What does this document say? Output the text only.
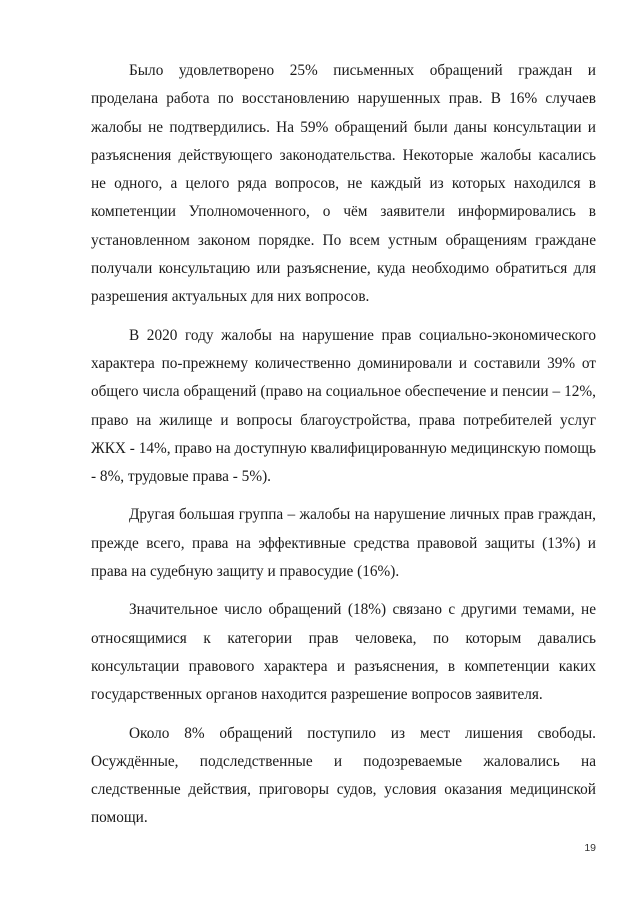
Было удовлетворено 25% письменных обращений граждан и проделана работа по восстановлению нарушенных прав. В 16% случаев жалобы не подтвердились. На 59% обращений были даны консультации и разъяснения действующего законодательства. Некоторые жалобы касались не одного, а целого ряда вопросов, не каждый из которых находился в компетенции Уполномоченного, о чём заявители информировались в установленном законом порядке. По всем устным обращениям граждане получали консультацию или разъяснение, куда необходимо обратиться для разрешения актуальных для них вопросов.

В 2020 году жалобы на нарушение прав социально-экономического характера по-прежнему количественно доминировали и составили 39% от общего числа обращений (право на социальное обеспечение и пенсии – 12%, право на жилище и вопросы благоустройства, права потребителей услуг ЖКХ - 14%, право на доступную квалифицированную медицинскую помощь - 8%, трудовые права - 5%).

Другая большая группа – жалобы на нарушение личных прав граждан, прежде всего, права на эффективные средства правовой защиты (13%) и права на судебную защиту и правосудие (16%).

Значительное число обращений (18%) связано с другими темами, не относящимися к категории прав человека, по которым давались консультации правового характера и разъяснения, в компетенции каких государственных органов находится разрешение вопросов заявителя.

Около 8% обращений поступило из мест лишения свободы. Осуждённые, подследственные и подозреваемые жаловались на следственные действия, приговоры судов, условия оказания медицинской помощи.

19
